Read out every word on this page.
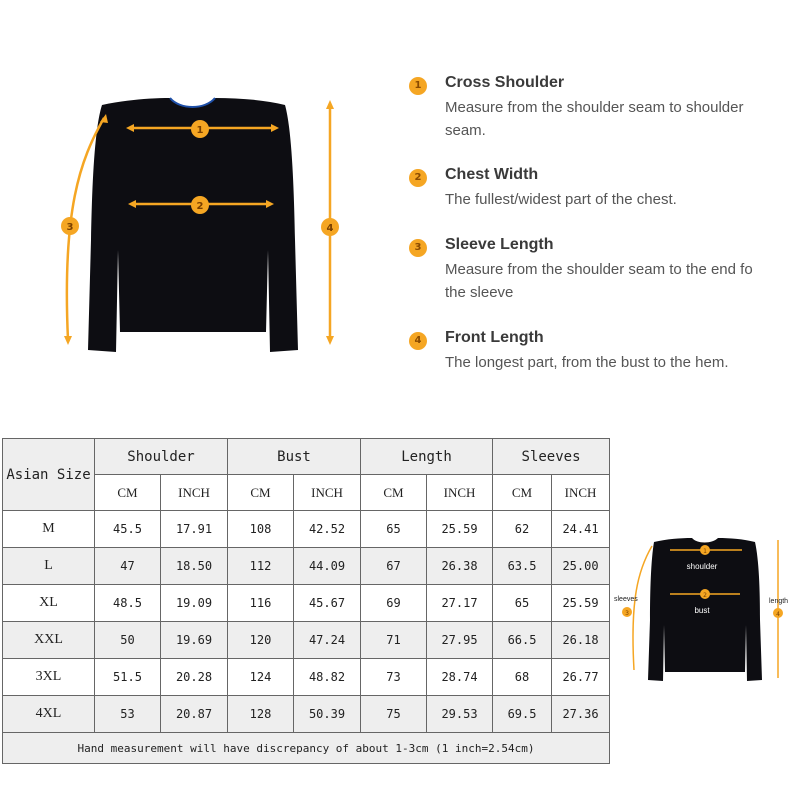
1
2
3	4
1	Cross Shoulder
Measure from the shoulder seam to shoulder seam.
2	Chest Width
The fullest/widest part of the chest.
3	Sleeve Length
Measure from the shoulder seam to the end fo the sleeve
4	Front Length
The longest part, from the bust to the hem.
Asian Size	Shoulder		Bust		Length		Sleeves	
	CM	INCH	CM	INCH	CM	INCH	CM	INCH
M	45.5	17.91	108	42.52	65	25.59	62	24.41
L	47	18.50	112	44.09	67	26.38	63.5	25.00
XL	48.5	19.09	116	45.67	69	27.17	65	25.59
XXL	50	19.69	120	47.24	71	27.95	66.5	26.18
3XL	51.5	20.28	124	48.82	73	28.74	68	26.77
4XL	53	20.87	128	50.39	75	29.53	69.5	27.36
Hand measurement will have discrepancy of about 1-3cm (1 inch=2.54cm)								
1
2
3	4
shoulder
bust
sleeves	length
